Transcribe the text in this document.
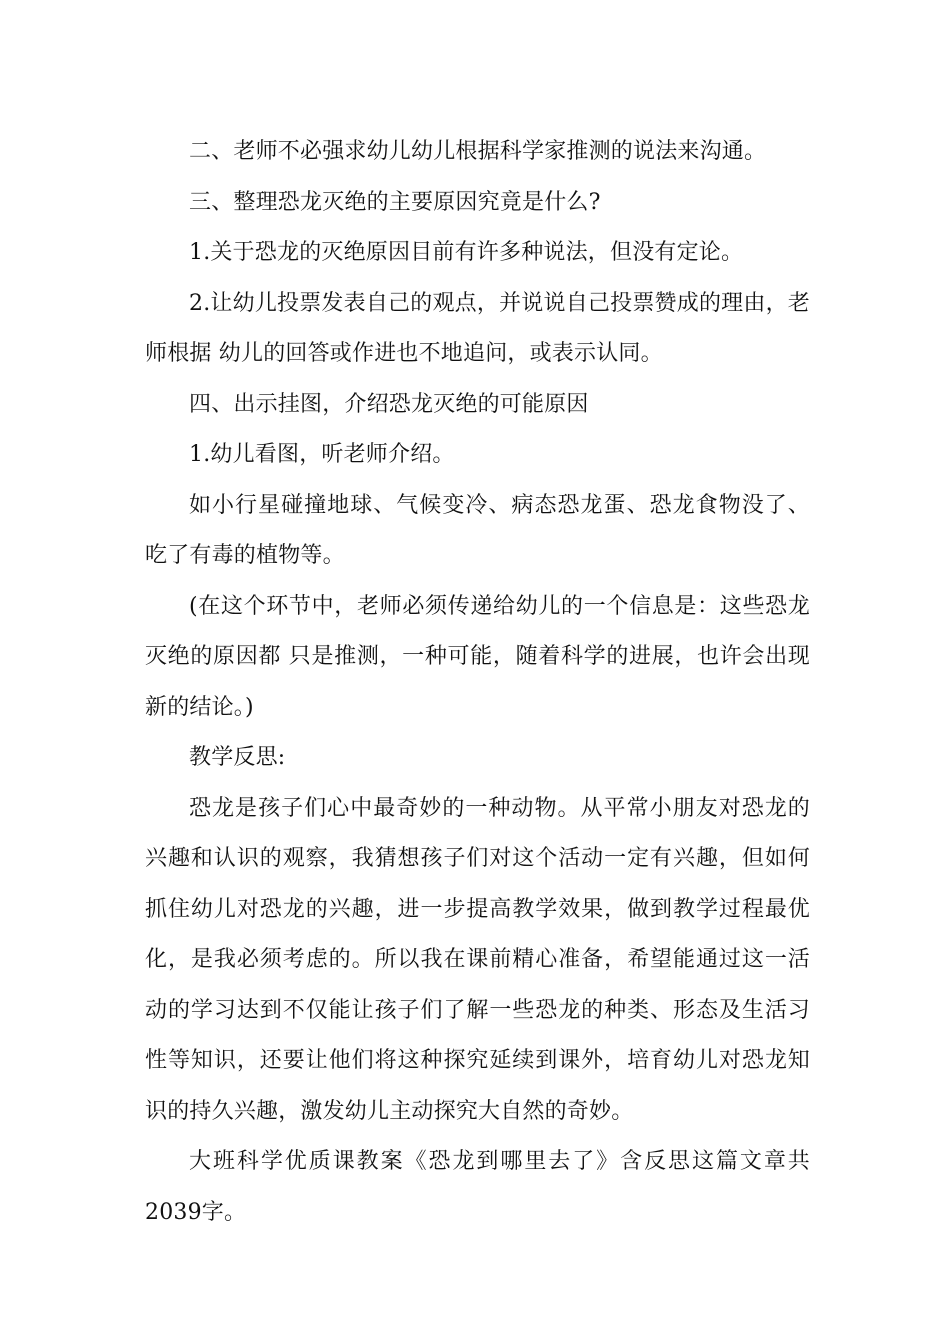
二、老师不必强求幼儿幼儿根据科学家推测的说法来沟通。

三、整理恐龙灭绝的主要原因究竟是什么?

1.关于恐龙的灭绝原因目前有许多种说法，但没有定论。

2.让幼儿投票发表自己的观点，并说说自己投票赞成的理由，老师根据 幼儿的回答或作进也不地追问，或表示认同。

四、出示挂图，介绍恐龙灭绝的可能原因

1.幼儿看图，听老师介绍。

如小行星碰撞地球、气候变冷、病态恐龙蛋、恐龙食物没了、吃了有毒的植物等。

(在这个环节中，老师必须传递给幼儿的一个信息是：这些恐龙灭绝的原因都 只是推测，一种可能，随着科学的进展，也许会出现新的结论。)

教学反思:

恐龙是孩子们心中最奇妙的一种动物。从平常小朋友对恐龙的兴趣和认识的观察，我猜想孩子们对这个活动一定有兴趣，但如何抓住幼儿对恐龙的兴趣，进一步提高教学效果，做到教学过程最优化，是我必须考虑的。所以我在课前精心准备，希望能通过这一活动的学习达到不仅能让孩子们了解一些恐龙的种类、形态及生活习性等知识，还要让他们将这种探究延续到课外，培育幼儿对恐龙知识的持久兴趣，激发幼儿主动探究大自然的奇妙。

大班科学优质课教案《恐龙到哪里去了》含反思这篇文章共2039字。
